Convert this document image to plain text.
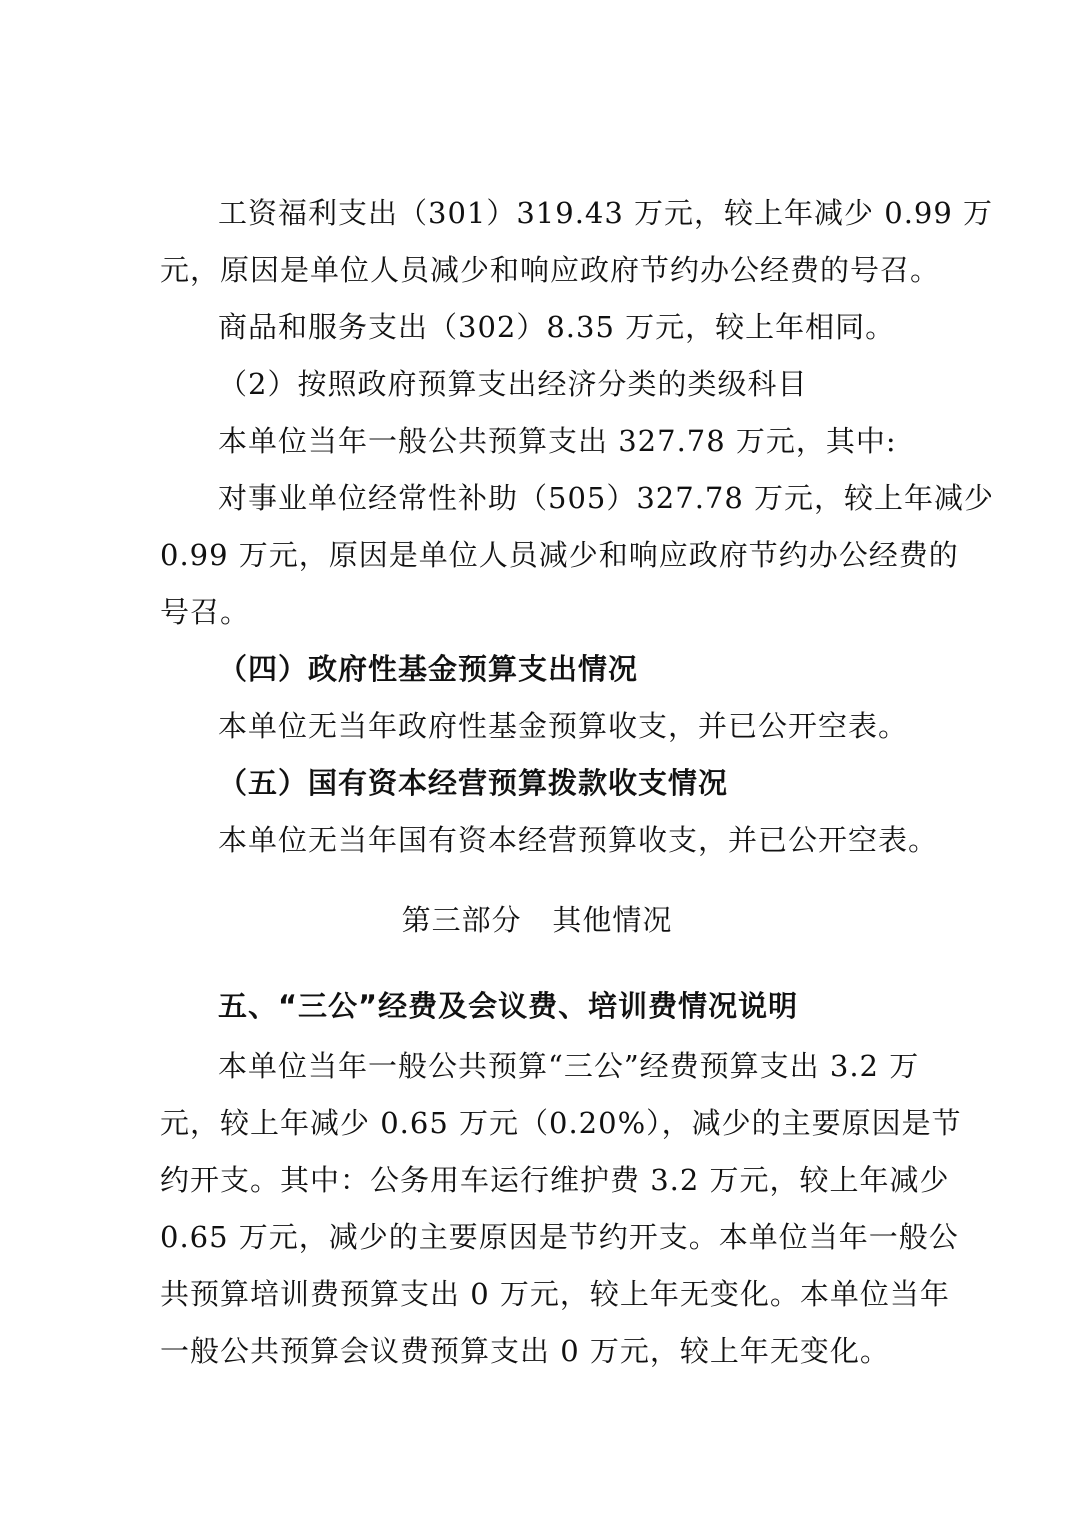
工资福利支出（301）319.43 万元，较上年减少 0.99 万
元，原因是单位人员减少和响应政府节约办公经费的号召。
商品和服务支出（302）8.35 万元，较上年相同。
（2）按照政府预算支出经济分类的类级科目
本单位当年一般公共预算支出 327.78 万元，其中:
对事业单位经常性补助（505）327.78 万元，较上年减少
0.99 万元，原因是单位人员减少和响应政府节约办公经费的
号召。
（四）政府性基金预算支出情况
本单位无当年政府性基金预算收支，并已公开空表。
（五）国有资本经营预算拨款收支情况
本单位无当年国有资本经营预算收支，并已公开空表。
第三部分   其他情况
五、“三公”经费及会议费、培训费情况说明
本单位当年一般公共预算“三公”经费预算支出 3.2 万
元，较上年减少 0.65 万元（0.20%），减少的主要原因是节
约开支。其中：公务用车运行维护费 3.2 万元，较上年减少
0.65 万元，减少的主要原因是节约开支。本单位当年一般公
共预算培训费预算支出 0 万元，较上年无变化。本单位当年
一般公共预算会议费预算支出 0 万元，较上年无变化。
